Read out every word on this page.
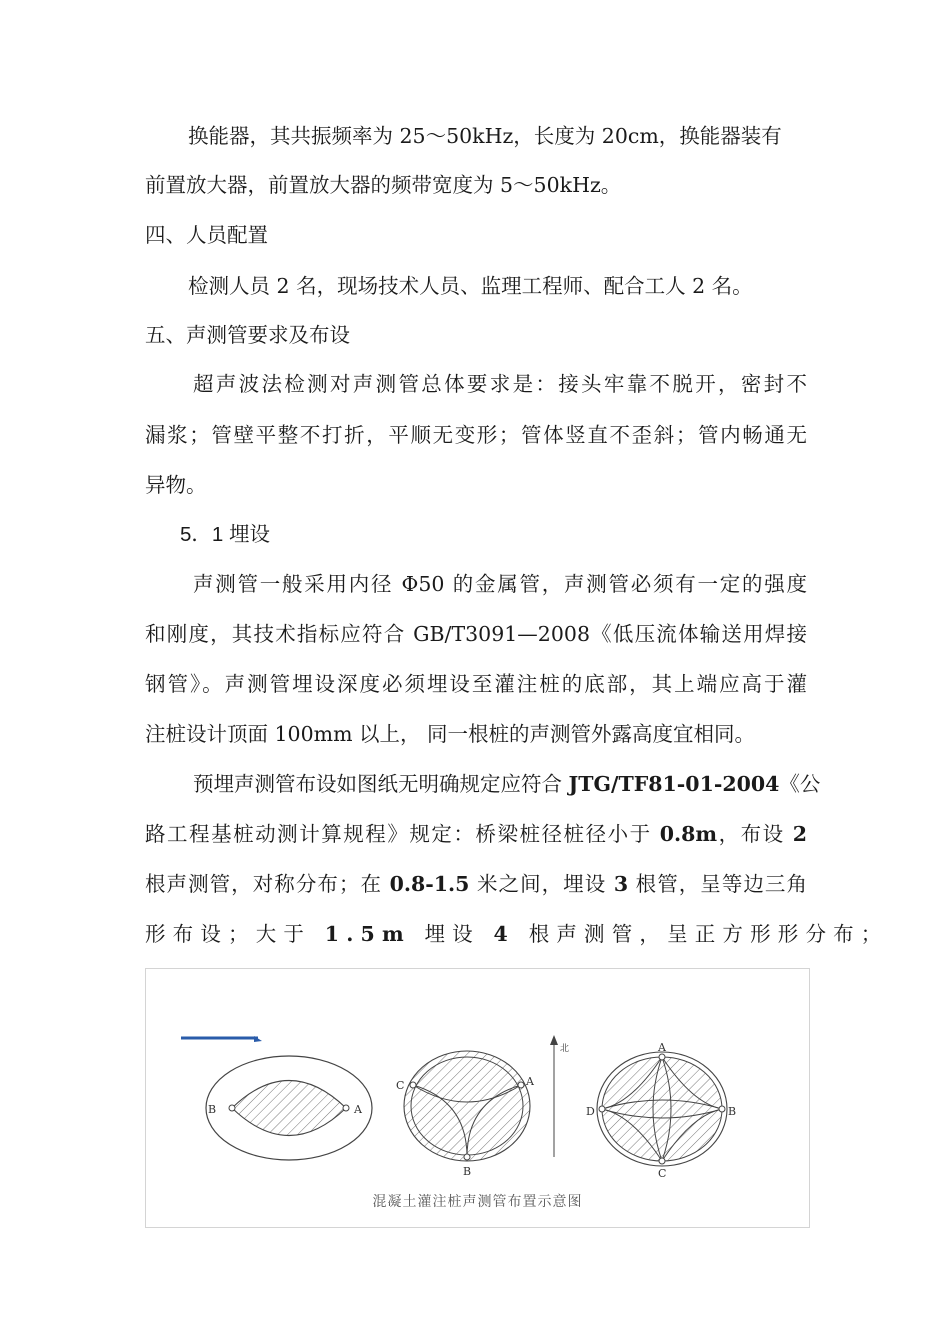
换能器，其共振频率为 25～50kHz，长度为 20cm，换能器装有
前置放大器，前置放大器的频带宽度为 5～50kHz。
四、人员配置
检测人员 2 名，现场技术人员、监理工程师、配合工人 2 名。
五、声测管要求及布设
超声波法检测对声测管总体要求是：接头牢靠不脱开，密封不
漏浆；管壁平整不打折，平顺无变形；管体竖直不歪斜；管内畅通无
异物。
5．1 埋设
声测管一般采用内径 Φ50 的金属管，声测管必须有一定的强度
和刚度，其技术指标应符合 GB/T3091—2008《低压流体输送用焊接
钢管》。声测管埋设深度必须埋设至灌注桩的底部，其上端应高于灌
注桩设计顶面 100mm 以上， 同一根桩的声测管外露高度宜相同。
预埋声测管布设如图纸无明确规定应符合 JTG/TF81-01-2004《公
路工程基桩动测计算规程》规定：桥梁桩径桩径小于 0.8m，布设 2
根声测管，对称分布；在 0.8-1.5 米之间，埋设 3 根管，呈等边三角
形布设；大于 1.5m 埋设 4 根声测管，呈正方形形分布；
B	A
C	A
B
北	A
D	B
C
混凝土灌注桩声测管布置示意图
